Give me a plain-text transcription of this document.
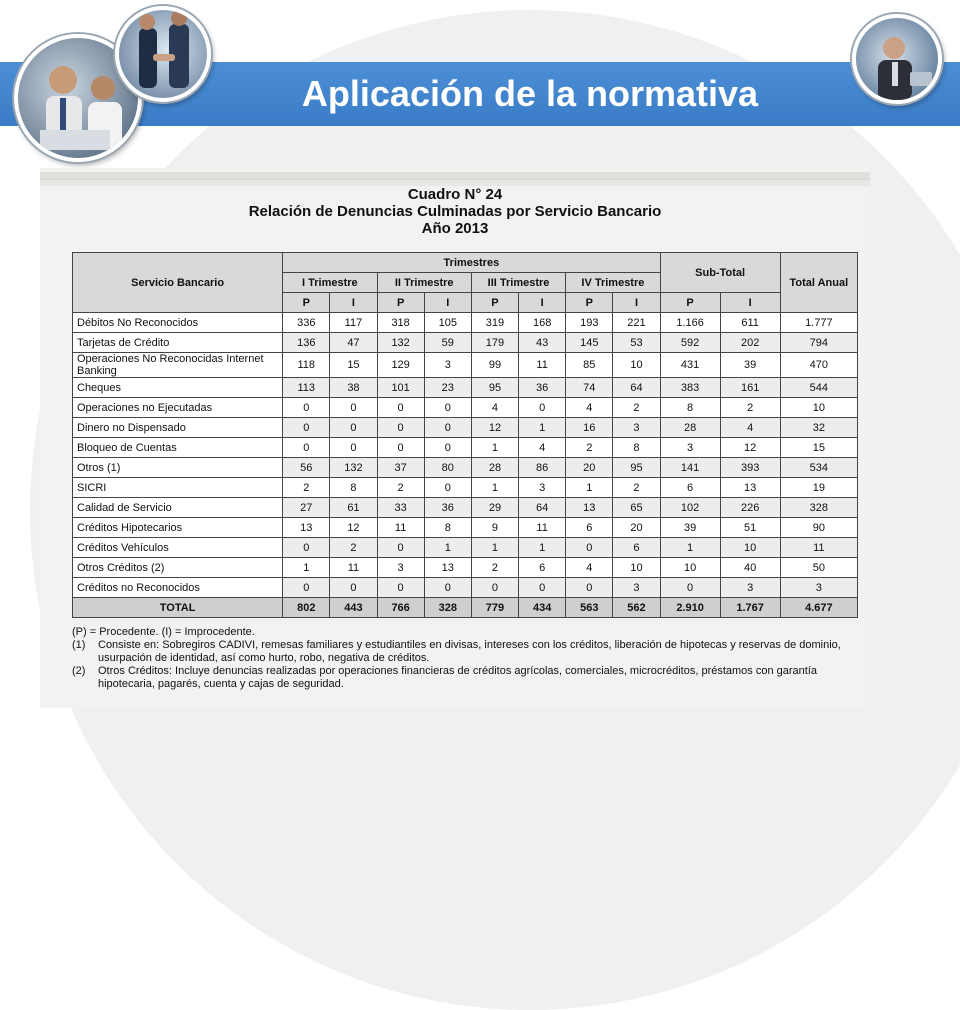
Aplicación de la normativa
Cuadro N° 24
Relación de Denuncias Culminadas por Servicio Bancario
Año 2013
Servicio Bancario	Trimestres								Sub-Total		Total Anual
	I Trimestre		II Trimestre		III Trimestre		IV Trimestre				
	P	I	P	I	P	I	P	I	P	I	
Débitos No Reconocidos	336	117	318	105	319	168	193	221	1.166	611	1.777
Tarjetas de Crédito	136	47	132	59	179	43	145	53	592	202	794
Operaciones No Reconocidas Internet Banking	118	15	129	3	99	11	85	10	431	39	470
Cheques	113	38	101	23	95	36	74	64	383	161	544
Operaciones no Ejecutadas	0	0	0	0	4	0	4	2	8	2	10
Dinero no Dispensado	0	0	0	0	12	1	16	3	28	4	32
Bloqueo de Cuentas	0	0	0	0	1	4	2	8	3	12	15
Otros (1)	56	132	37	80	28	86	20	95	141	393	534
SICRI	2	8	2	0	1	3	1	2	6	13	19
Calidad de Servicio	27	61	33	36	29	64	13	65	102	226	328
Créditos Hipotecarios	13	12	11	8	9	11	6	20	39	51	90
Créditos Vehículos	0	2	0	1	1	1	0	6	1	10	11
Otros Créditos (2)	1	11	3	13	2	6	4	10	10	40	50
Créditos no Reconocidos	0	0	0	0	0	0	0	3	0	3	3
TOTAL	802	443	766	328	779	434	563	562	2.910	1.767	4.677
(P) = Procedente. (I) = Improcedente.
(1)	Consiste en: Sobregiros CADIVI, remesas familiares y estudiantiles en divisas, intereses con los créditos, liberación de hipotecas y reservas de dominio, usurpación de identidad, así como hurto, robo, negativa de créditos.
(2)	Otros Créditos: Incluye denuncias realizadas por operaciones financieras de créditos agrícolas, comerciales, microcréditos, préstamos con garantía hipotecaria, pagarés, cuenta y cajas de seguridad.
